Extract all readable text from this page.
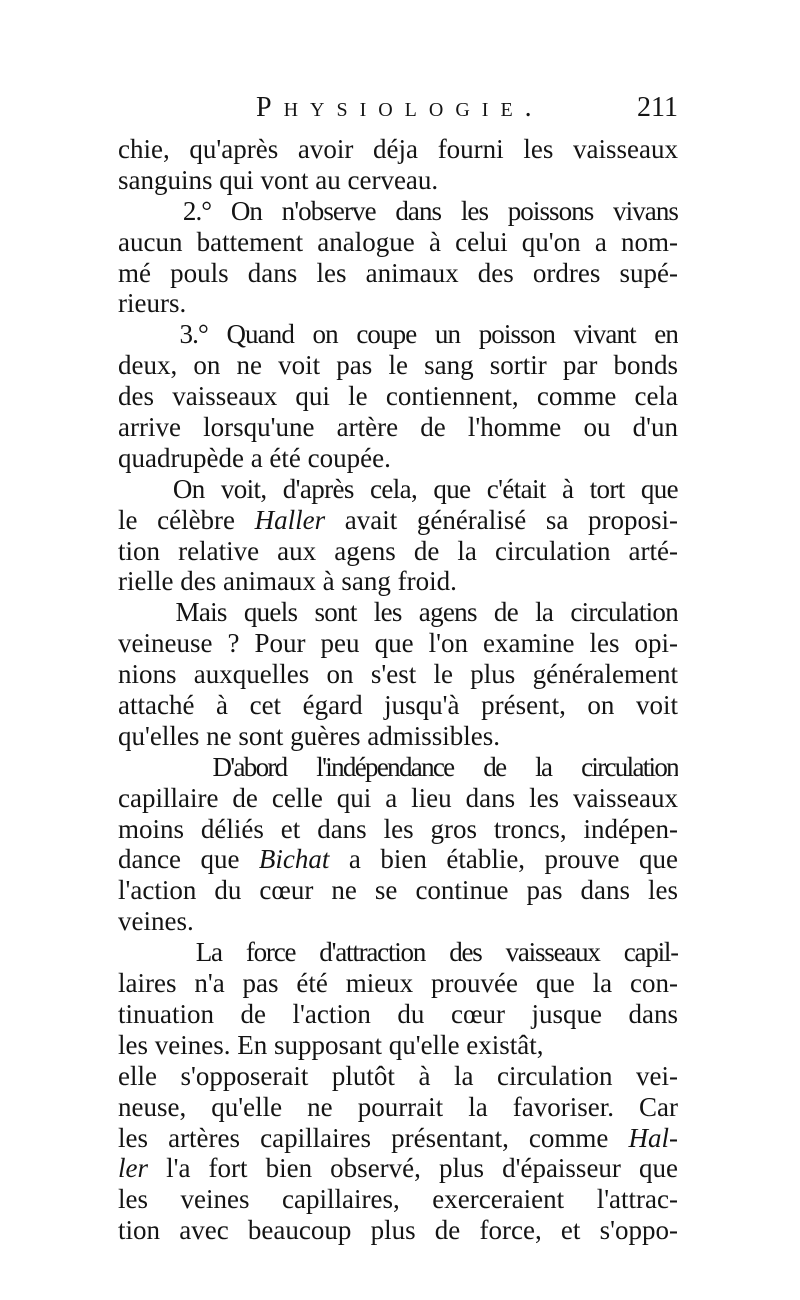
Physiologie.	211
chie, qu'après avoir déja fourni les vaisseaux
sanguins qui vont au cerveau.
2.° On n'observe dans les poissons vivans
aucun battement analogue à celui qu'on a nom-
mé pouls dans les animaux des ordres supé-
rieurs.
3.° Quand on coupe un poisson vivant en
deux, on ne voit pas le sang sortir par bonds
des vaisseaux qui le contiennent, comme cela
arrive lorsqu'une artère de l'homme ou d'un
quadrupède a été coupée.
On voit, d'après cela, que c'était à tort que
le célèbre Haller avait généralisé sa proposi-
tion relative aux agens de la circulation arté-
rielle des animaux à sang froid.
Mais quels sont les agens de la circulation
veineuse ? Pour peu que l'on examine les opi-
nions auxquelles on s'est le plus généralement
attaché à cet égard jusqu'à présent, on voit
qu'elles ne sont guères admissibles.
D'abord l'indépendance de la circulation
capillaire de celle qui a lieu dans les vaisseaux
moins déliés et dans les gros troncs, indépen-
dance que Bichat a bien établie, prouve que
l'action du cœur ne se continue pas dans les
veines.
La force d'attraction des vaisseaux capil-
laires n'a pas été mieux prouvée que la con-
tinuation de l'action du cœur jusque dans
les veines. En supposant qu'elle existât,
elle s'opposerait plutôt à la circulation vei-
neuse, qu'elle ne pourrait la favoriser. Car
les artères capillaires présentant, comme Hal-
ler l'a fort bien observé, plus d'épaisseur que
les veines capillaires, exerceraient l'attrac-
tion avec beaucoup plus de force, et s'oppo-
